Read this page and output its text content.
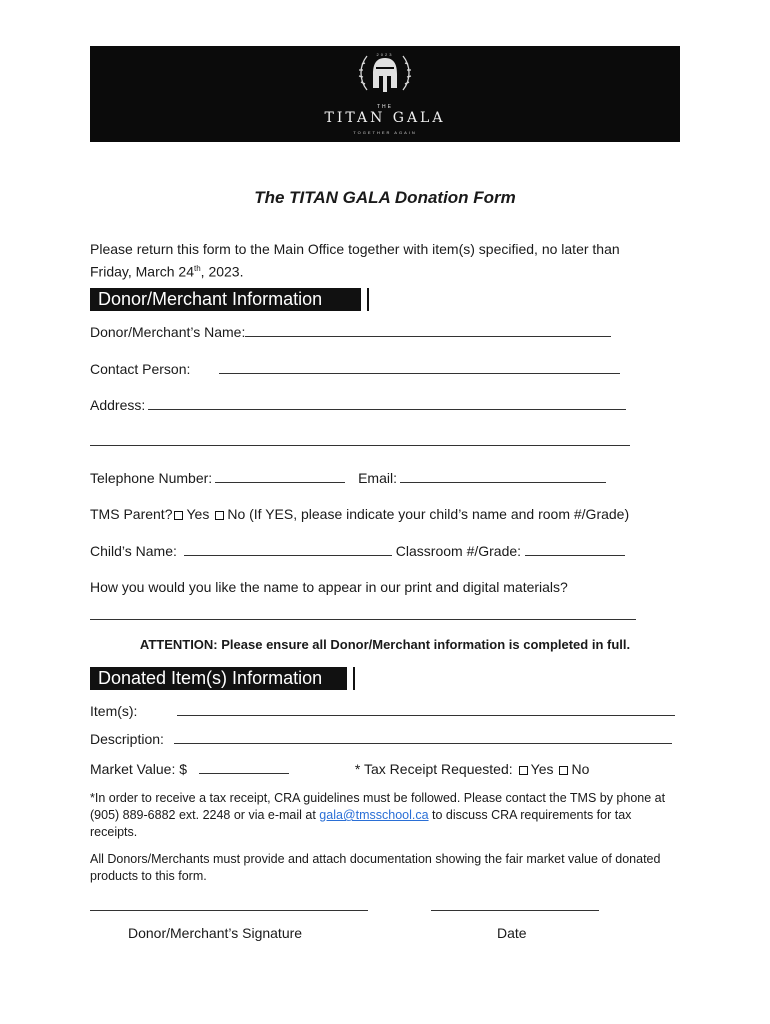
2023
THE
TITAN GALA
TOGETHER AGAIN
The TITAN GALA Donation Form
Please return this form to the Main Office together with item(s) specified, no later than
Friday, March 24th, 2023.
Donor/Merchant Information
Donor/Merchant’s Name:
Contact Person:
Address:
Telephone Number:	Email:
TMS Parent? Yes No (If YES, please indicate your child’s name and room #/Grade)
Child’s Name:	Classroom #/Grade:
How you would you like the name to appear in our print and digital materials?
ATTENTION: Please ensure all Donor/Merchant information is completed in full.
Donated Item(s) Information
Item(s):
Description:
Market Value: $	* Tax Receipt Requested: Yes No
*In order to receive a tax receipt, CRA guidelines must be followed. Please contact the TMS by phone at (905) 889-6882 ext. 2248 or via e-mail at gala@tmsschool.ca to discuss CRA requirements for tax receipts.
All Donors/Merchants must provide and attach documentation showing the fair market value of donated products to this form.
Donor/Merchant’s Signature	Date
